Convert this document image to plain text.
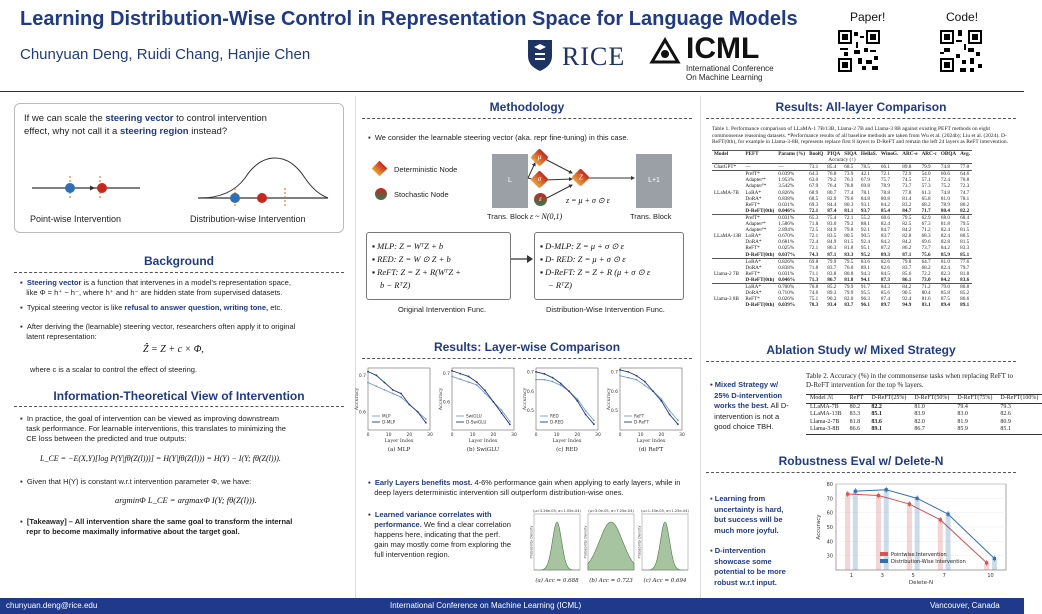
Learning Distribution-Wise Control in Representation Space for Language Models
Chunyuan Deng, Ruidi Chang, Hanjie Chen	RICE ICML
International Conference
On Machine Learning
Paper!	Code!
If we can scale the steering vector to control intervention
effect, why not call it a steering region instead?
Point-wise Intervention	Distribution-wise Intervention
Background
▪  Steering vector is a function that intervenes in a model's representation space,
like Φ = h⁺ − h⁻, where h⁺ and h⁻ are hidden state from supervised datasets.
▪  Typical steering vector is like refusal to answer question, writing tone, etc.
▪  After deriving the (learnable) steering vector, researchers often apply it to original
latent representation:
Ẑ = Z + c × Φ,
where c is a scalar to control the effect of steering.
Information-Theoretical View of Intervention
▪  In practice, the goal of intervention can be viewed as improving downstream
task performance. For learnable interventions, this translates to minimizing the
CE loss between the predicted and true outputs:
L_CE = −E(X,Y)[log P(Y|fθ(Z(l)))] = H(Y|fθ(Z(l))) = H(Y) − I(Y; fθ(Z(l))).
▪  Given that H(Y) is constant w.r.t intervention parameter Φ, we have:
argminΦ L_CE = argmaxΦ I(Y; fθ(Z(l))).
▪  [Takeaway] – All intervention share the same goal to transform the internal
repr to become maximally informative about the target goal.
Methodology
▪  We consider the learnable steering vector (aka. repr fine-tuning) in this case.
Deterministic Node
Stochastic Node
L	L+1
Trans. Block	Trans. Block
μ
σ	Z
ε	z = μ + σ ⊙ ε
ε ~ N(0,1)
▪ MLP: Z = WᵀZ + b
▪ RED: Z = W ⊙ Z + b
▪ ReFT: Z = Z + R(WᵀZ +
b − RᵀZ)
Original Intervention Func.
▪ D-MLP: Z = μ + σ ⊙ ε
▪ D- RED: Z = μ + σ ⊙ ε
▪ D-ReFT: Z = Z + R (μ + σ ⊙ ε
− RᵀZ)
Distribution-Wise Intervention Func.
Results: Layer-wise Comparison
0.6
0.7
0	10	20	30
Layer Index
Accuracy
MLP
D-MLP
(a) MLP
0.6
0.7
0	10	20	30
Layer Index
Accuracy
SwiGLU
D-SwiGLU
(b) SwiGLU
0.5
0.6
0.7
0	10	20	30
Layer Index
Accuracy
RED
D-RED
(c) RED
0.5
0.6
0.7
0	10	20	30
Layer Index
Accuracy
ReFT
D-ReFT
(d) ReFT
▪  Early Layers benefits most. 4-6% performance gain when applying to early layers, while in
deep layers deterministic intervention sill outperform distribution-wise ones.
▪  Learned variance correlates with
performance. We find a clear correlation
happens here, indicating that the perf.
gain may mostly come from exploring the
full intervention region.
(μ=3.26e-05, σ=1.05e-04)
Probability Density
(a) Acc = 0.688
(μ=3.0e-05, σ=7.25e-04)
Probability Density
(b) Acc = 0.723
(μ=1.33e-05, σ=1.25e-04)
Probability Density
(c) Acc = 0.694
Results: All-layer Comparison
Table 1. Performance comparison of LLaMA-1 7B/13B, Llama-2 7B and Llama-3 8B against existing PEFT methods on eight commonsense reasoning datasets. *Performance results of all baseline methods are taken from Wu et al. (2024b); Liu et al. (2024). D-ReFT(0th), for example in Llama-3-8B, represents replace first 8 layers to D-ReFT and remain the left 24 layers as ReFT intervention.
Model	PEFT	Params (%)	BoolQ	PIQA	SIQA	HellaS.	WinoG.	ARC-e	ARC-c	OBQA	Avg.
Accuracy (↑)											
ChatGPT*	—	—	73.1	85.4	68.5	78.5	66.1	89.8	79.9	74.8	77.0
	PrefT*	0.039%	64.3	76.8	73.9	42.1	72.1	72.9	54.0	60.6	64.6
	Adapterˢ*	1.953%	63.0	79.2	76.3	67.9	75.7	74.5	57.1	72.4	70.8
	Adapterᴾ*	3.542%	67.9	76.4	78.8	69.8	78.9	73.7	57.3	75.2	72.3
LLaMA-7B	LoRA*	0.826%	68.9	80.7	77.4	78.1	78.8	77.8	61.3	74.8	74.7
	DoRA*	0.838%	68.5	82.9	79.6	84.8	80.8	81.4	65.8	81.0	78.1
	ReFT*	0.031%	69.3	84.4	80.3	93.1	84.2	83.2	68.2	78.9	80.2
	D-ReFT(0th)	0.046%	72.1	87.4	81.1	93.7	85.4	84.7	71.7	80.4	82.2
	PrefT*	0.031%	65.3	75.4	72.1	55.2	68.6	79.5	62.9	68.0	68.4
	Adapterˢ*	1.586%	71.8	83.0	79.2	88.1	82.4	82.5	67.3	81.8	79.5
	Adapterᴾ*	2.894%	72.5	84.9	79.8	92.1	84.7	84.2	71.2	82.4	81.5
LLaMA-13B	LoRA*	0.670%	72.1	83.5	80.5	90.5	83.7	82.8	68.3	82.4	80.5
	DoRA*	0.681%	72.4	84.9	81.5	92.4	84.2	84.2	69.6	82.8	81.5
	ReFT*	0.025%	72.1	86.3	81.8	95.1	87.2	86.2	73.7	84.2	83.3
	D-ReFT(0th)	0.037%	74.3	87.1	83.3	95.2	89.3	87.1	75.6	85.9	85.1
	LoRA*	0.826%	69.8	79.9	79.5	83.6	82.6	79.8	64.7	81.0	77.6
	DoRA*	0.838%	71.8	83.7	76.0	89.1	82.6	83.7	68.2	82.4	79.7
Llama-2 7B	ReFT*	0.031%	71.1	83.8	80.8	94.3	84.5	85.6	72.2	82.3	81.8
	D-ReFT(0th)	0.046%	71.3	86.7	81.8	94.1	87.3	86.1	73.0	84.2	83.6
	LoRA*	0.700%	70.8	85.2	79.9	91.7	84.3	84.2	71.2	79.0	80.8
	DoRA*	0.710%	74.6	89.3	79.9	95.5	85.6	90.5	80.4	85.8	85.2
Llama-3 8B	ReFT*	0.026%	75.1	90.2	82.0	96.3	87.4	92.4	81.6	87.5	86.6
	D-ReFT(0th)	0.039%	78.3	93.4	83.7	96.1	89.7	94.9	83.1	89.4	89.1
Ablation Study w/ Mixed Strategy
▪ Mixed Strategy w/
25% D-intervention
works the best. All D-
intervention is not a
good choice TBH.
Table 2. Accuracy (%) in the commonsense tasks when replacing ReFT to D-ReFT intervention for the top % layers.
Model ℳ	ReFT	D-ReFT(25%)	D-ReFT(50%)	D-ReFT(75%)	D-ReFT(100%)
LLaMA-7B	80.2	82.2	81.0	79.4	79.3
LLaMA-13B	83.3	85.1	83.9	83.0	82.6
Llama-2-7B	81.8	83.6	82.0	81.9	80.9
Llama-3-8B	86.6	89.1	86.7	85.9	85.1
Robustness Eval w/ Delete-N
▪ Learning from
uncertainty is hard,
but success will be
much more joyful.
▪ D-intervention
showcase some
potential to be more
robust w.r.t input.
30
40
50
60
70
80
1	3	5	7	10
Delete-N
Accuracy
Pointwise Intervention
Distribution-Wise Intervention
chunyuan.deng@rice.edu	International Conference on Machine Learning (ICML)	Vancouver, Canada
